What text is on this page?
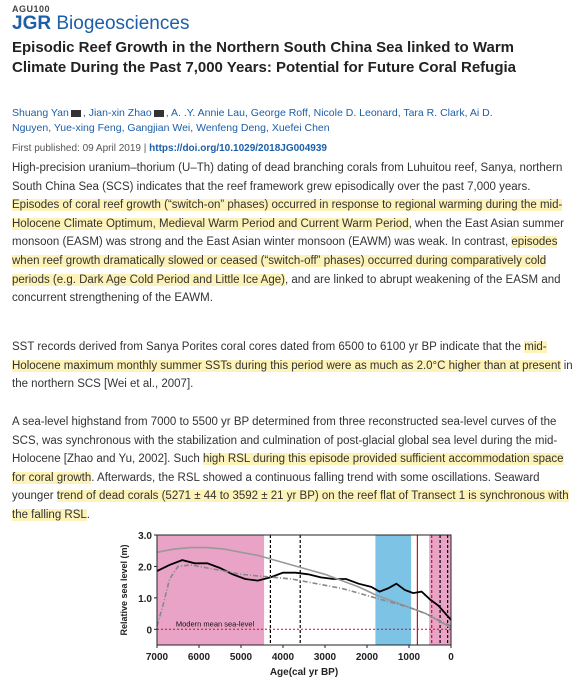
AGU100
JGR Biogeosciences
Episodic Reef Growth in the Northern South China Sea linked to Warm Climate During the Past 7,000 Years: Potential for Future Coral Refugia
Shuang Yan , Jian-xin Zhao , A. .Y. Annie Lau, George Roff, Nicole D. Leonard, Tara R. Clark, Ai D.
Nguyen, Yue-xing Feng, Gangjian Wei, Wenfeng Deng, Xuefei Chen
First published: 09 April 2019 | https://doi.org/10.1029/2018JG004939

High-precision uranium–thorium (U–Th) dating of dead branching corals from Luhuitou reef, Sanya, northern South China Sea (SCS) indicates that the reef framework grew episodically over the past 7,000 years. Episodes of coral reef growth (“switch-on” phases) occurred in response to regional warming during the mid-Holocene Climate Optimum, Medieval Warm Period and Current Warm Period, when the East Asian summer monsoon (EASM) was strong and the East Asian winter monsoon (EAWM) was weak. In contrast, episodes when reef growth dramatically slowed or ceased (“switch-off” phases) occurred during comparatively cold periods (e.g. Dark Age Cold Period and Little Ice Age), and are linked to abrupt weakening of the EASM and concurrent strengthening of the EAWM.

SST records derived from Sanya Porites coral cores dated from 6500 to 6100 yr BP indicate that the mid-Holocene maximum monthly summer SSTs during this period were as much as 2.0°C higher than at present in the northern SCS [Wei et al., 2007].

A sea-level highstand from 7000 to 5500 yr BP determined from three reconstructed sea-level curves of the SCS, was synchronous with the stabilization and culmination of post-glacial global sea level during the mid-Holocene [Zhao and Yu, 2002]. Such high RSL during this episode provided sufficient accommodation space for coral growth. Afterwards, the RSL showed a continuous falling trend with some oscillations. Seaward younger trend of dead corals (5271 ± 44 to 3592 ± 21 yr BP) on the reef flat of Transect 1 is synchronous with the falling RSL.

Modern mean sea-level
0
1.0
2.0
3.0
7000 6000 5000 4000 3000 2000 1000	0
Age(cal yr BP)
Relative sea level (m)
